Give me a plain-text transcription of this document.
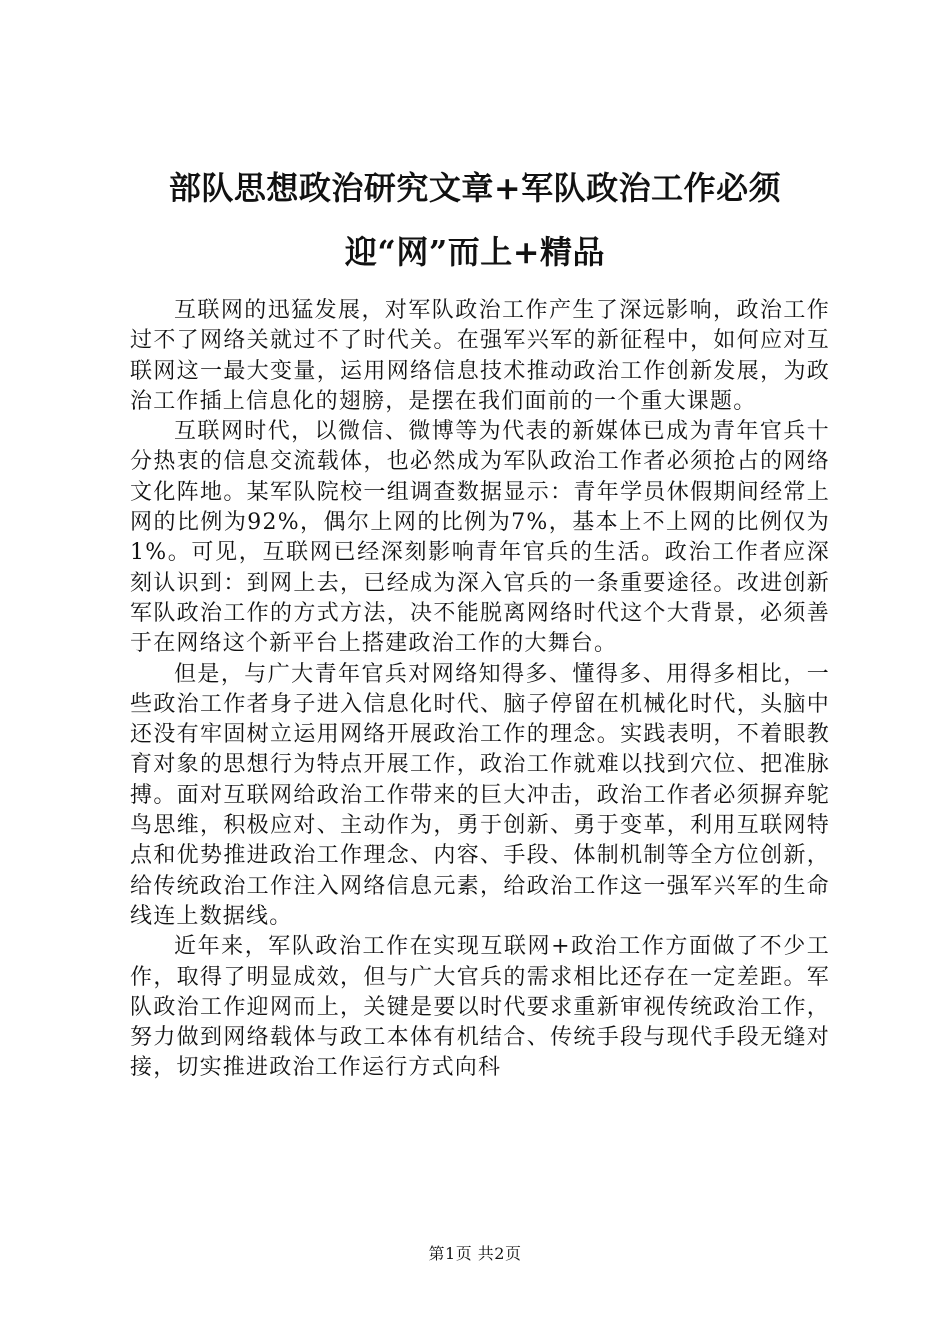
部队思想政治研究文章+军队政治工作必须迎“网”而上+精品

互联网的迅猛发展，对军队政治工作产生了深远影响，政治工作过不了网络关就过不了时代关。在强军兴军的新征程中，如何应对互联网这一最大变量，运用网络信息技术推动政治工作创新发展，为政治工作插上信息化的翅膀，是摆在我们面前的一个重大课题。

互联网时代，以微信、微博等为代表的新媒体已成为青年官兵十分热衷的信息交流载体，也必然成为军队政治工作者必须抢占的网络文化阵地。某军队院校一组调查数据显示：青年学员休假期间经常上网的比例为92%，偶尔上网的比例为7%，基本上不上网的比例仅为1%。可见，互联网已经深刻影响青年官兵的生活。政治工作者应深刻认识到：到网上去，已经成为深入官兵的一条重要途径。改进创新军队政治工作的方式方法，决不能脱离网络时代这个大背景，必须善于在网络这个新平台上搭建政治工作的大舞台。

但是，与广大青年官兵对网络知得多、懂得多、用得多相比，一些政治工作者身子进入信息化时代、脑子停留在机械化时代，头脑中还没有牢固树立运用网络开展政治工作的理念。实践表明，不着眼教育对象的思想行为特点开展工作，政治工作就难以找到穴位、把准脉搏。面对互联网给政治工作带来的巨大冲击，政治工作者必须摒弃鸵鸟思维，积极应对、主动作为，勇于创新、勇于变革，利用互联网特点和优势推进政治工作理念、内容、手段、体制机制等全方位创新，给传统政治工作注入网络信息元素，给政治工作这一强军兴军的生命线连上数据线。

近年来，军队政治工作在实现互联网+政治工作方面做了不少工作，取得了明显成效，但与广大官兵的需求相比还存在一定差距。军队政治工作迎网而上，关键是要以时代要求重新审视传统政治工作，努力做到网络载体与政工本体有机结合、传统手段与现代手段无缝对接，切实推进政治工作运行方式向科

第1页 共2页
